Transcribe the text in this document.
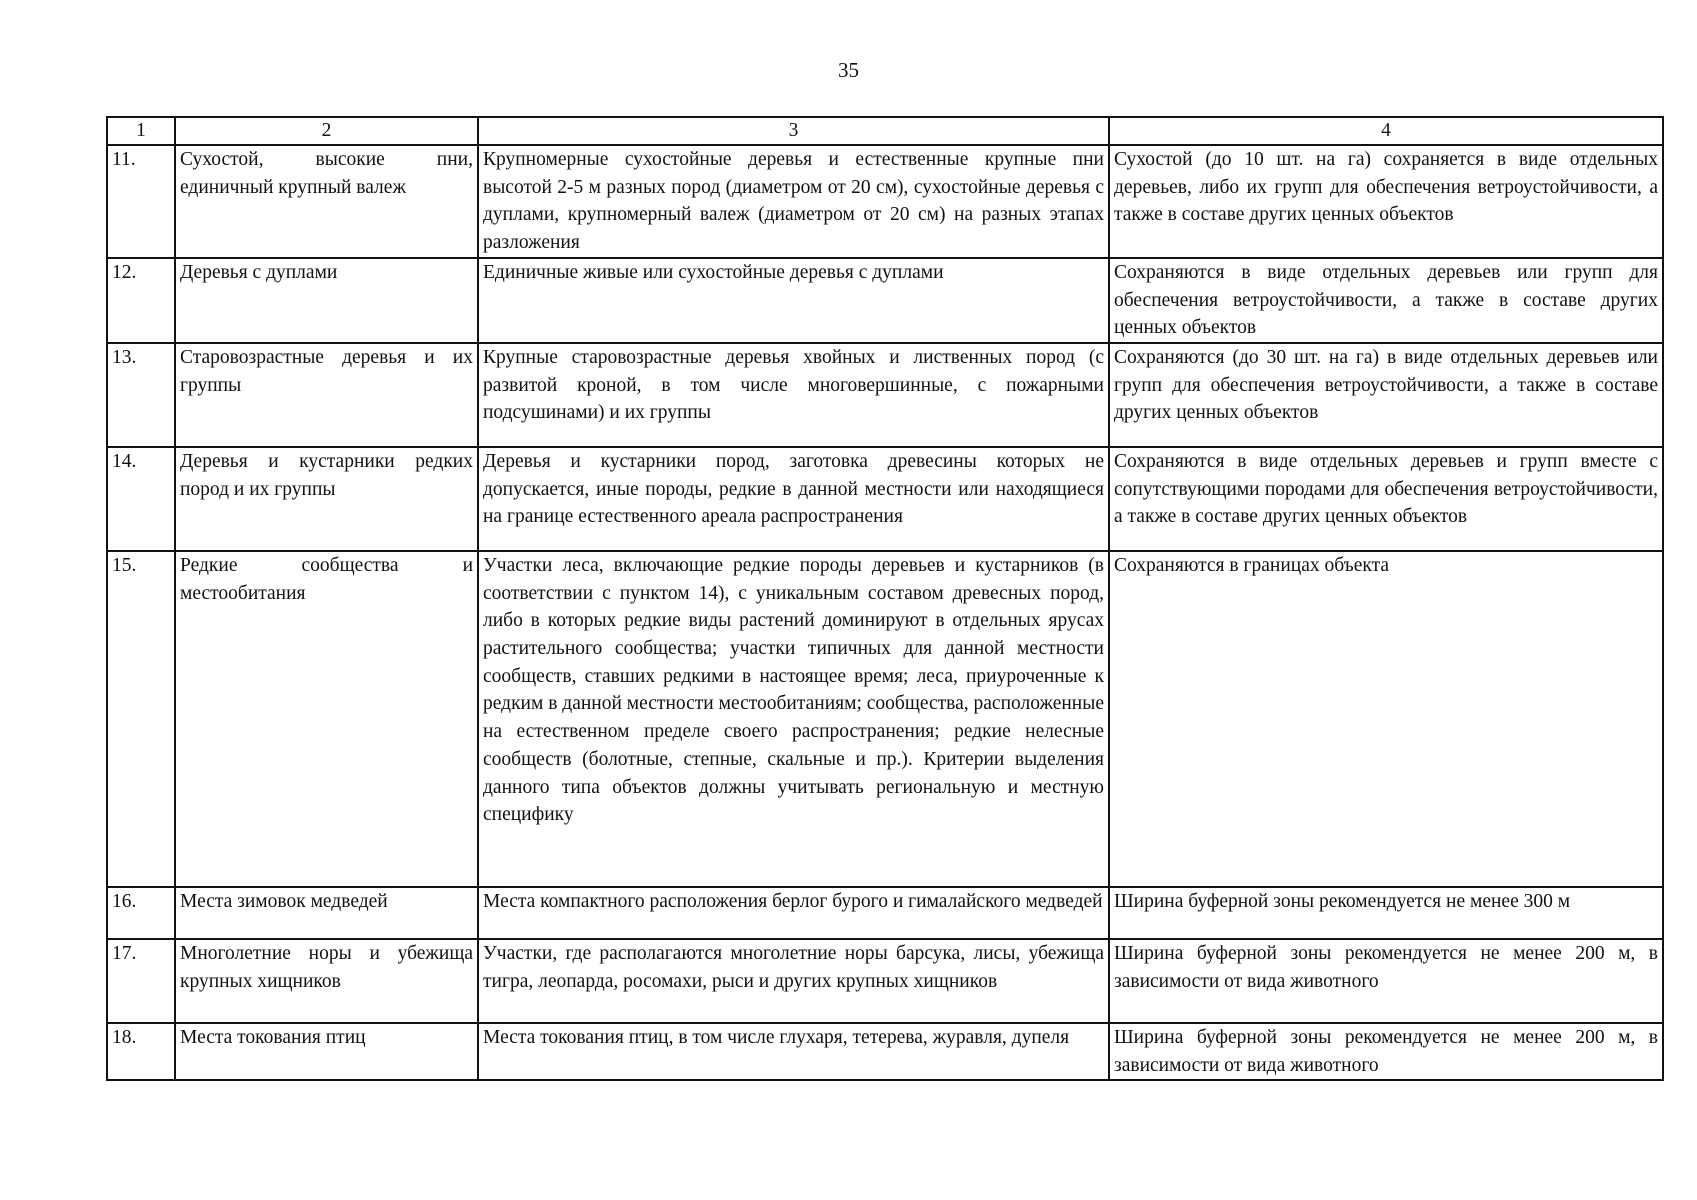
35
1	2	3	4
11.	Сухостой, высокие пни, единичный крупный валеж	Крупномерные сухостойные деревья и естественные крупные пни высотой 2-5 м разных пород (диаметром от 20 см), сухостойные деревья с дуплами, крупномерный валеж (диаметром от 20 см) на разных этапах разложения	Сухостой (до 10 шт. на га) сохраняется в виде отдельных деревьев, либо их групп для обеспечения ветроустойчивости, а также в составе других ценных объектов
12.	Деревья с дуплами	Единичные живые или сухостойные деревья с дуплами	Сохраняются в виде отдельных деревьев или групп для обеспечения ветроустойчивости, а также в составе других ценных объектов
13.	Старовозрастные деревья и их группы	Крупные старовозрастные деревья хвойных и лиственных пород (с развитой кроной, в том числе многовершинные, с пожарными подсушинами) и их группы	Сохраняются (до 30 шт. на га) в виде отдельных деревьев или групп для обеспечения ветроустойчивости, а также в составе других ценных объектов
14.	Деревья и кустарники редких пород и их группы	Деревья и кустарники пород, заготовка древесины которых не допускается, иные породы, редкие в данной местности или находящиеся на границе естественного ареала распространения	Сохраняются в виде отдельных деревьев и групп вместе с сопутствующими породами для обеспечения ветроустойчивости, а также в составе других ценных объектов
15.	Редкие сообщества и местообитания	Участки леса, включающие редкие породы деревьев и кустарников (в соответствии с пунктом 14), с уникальным составом древесных пород, либо в которых редкие виды растений доминируют в отдельных ярусах растительного сообщества; участки типичных для данной местности сообществ, ставших редкими в настоящее время; леса, приуроченные к редким в данной местности местообитаниям; сообщества, расположенные на естественном пределе своего распространения; редкие нелесные сообществ (болотные, степные, скальные и пр.). Критерии выделения данного типа объектов должны учитывать региональную и местную специфику	Сохраняются в границах объекта
16.	Места зимовок медведей	Места компактного расположения берлог бурого и гималайского медведей	Ширина буферной зоны рекомендуется не менее 300 м
17.	Многолетние норы и убежища крупных хищников	Участки, где располагаются многолетние норы барсука, лисы, убежища тигра, леопарда, росомахи, рыси и других крупных хищников	Ширина буферной зоны рекомендуется не менее 200 м, в зависимости от вида животного
18.	Места токования птиц	Места токования птиц, в том числе глухаря, тетерева, журавля, дупеля	Ширина буферной зоны рекомендуется не менее 200 м, в зависимости от вида животного
